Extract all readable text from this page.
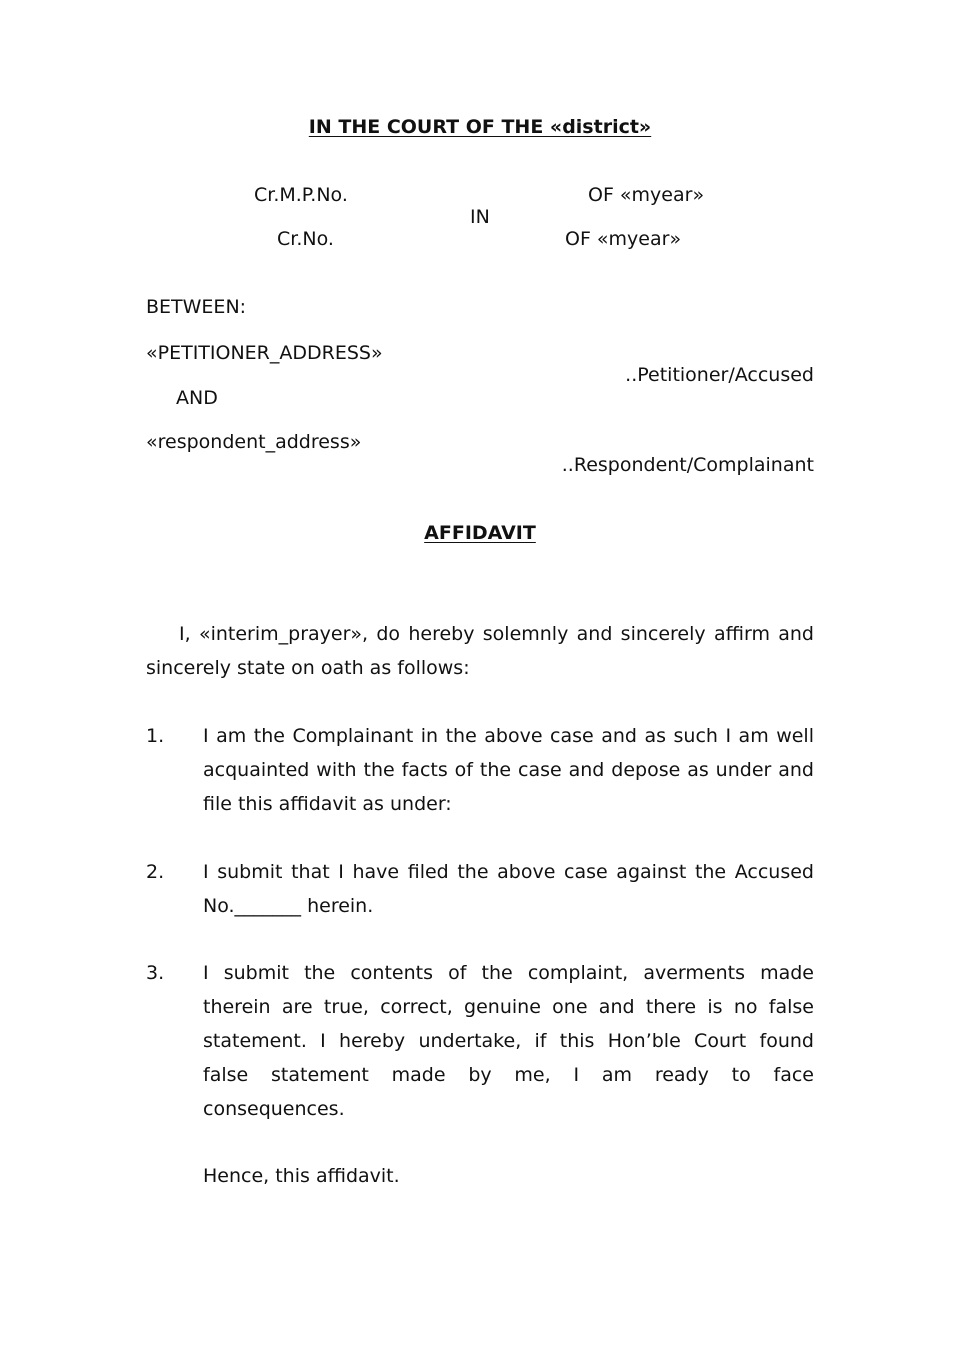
IN THE COURT OF THE «district»
Cr.M.P.No.	OF «myear»
IN
Cr.No.	OF «myear»
BETWEEN:
«PETITIONER_ADDRESS»
..Petitioner/Accused
AND
«respondent_address»
..Respondent/Complainant
AFFIDAVIT

I, «interim_prayer», do hereby solemnly and sincerely affirm and sincerely state on oath as follows:

1. I am the Complainant in the above case and as such I am well acquainted with the facts of the case and depose as under and file this affidavit as under:
2. I submit that I have filed the above case against the Accused No._______ herein.
3. I submit the contents of the complaint, averments made
therein are true, correct, genuine one and there is no false
statement. I hereby undertake, if this Hon’ble Court found
false statement made by me, I am ready to face
consequences.
Hence, this affidavit.
